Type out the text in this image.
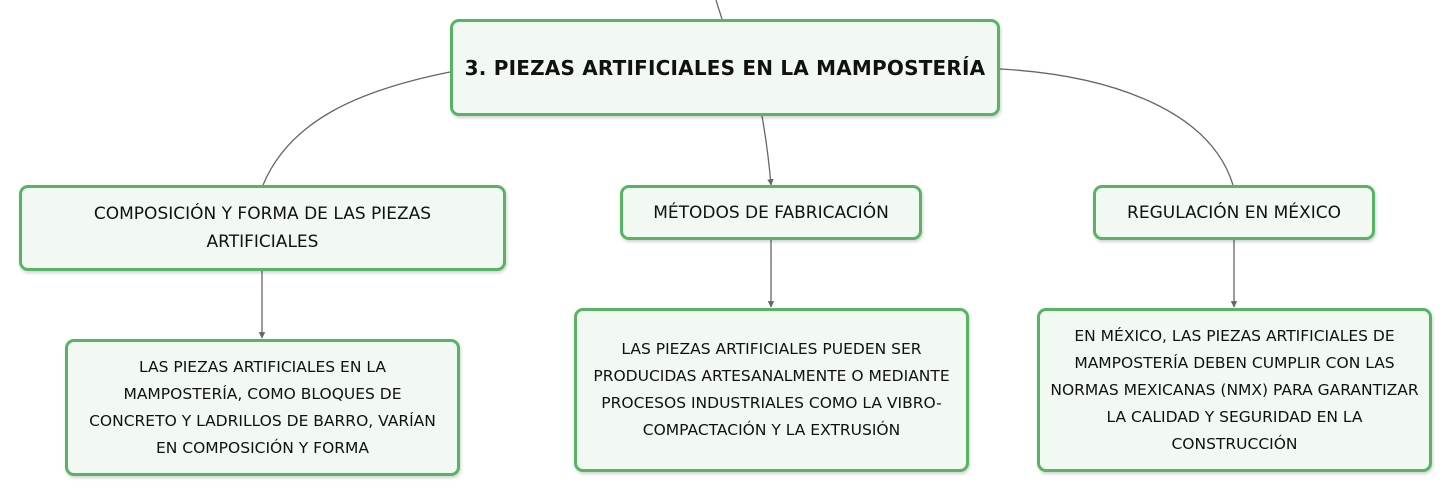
3. PIEZAS ARTIFICIALES EN LA MAMPOSTERÍA
COMPOSICIÓN Y FORMA DE LAS PIEZAS ARTIFICIALES
MÉTODOS DE FABRICACIÓN	REGULACIÓN EN MÉXICO
LAS PIEZAS ARTIFICIALES EN LA MAMPOSTERÍA, COMO BLOQUES DE CONCRETO Y LADRILLOS DE BARRO, VARÍAN EN COMPOSICIÓN Y FORMA
LAS PIEZAS ARTIFICIALES PUEDEN SER PRODUCIDAS ARTESANALMENTE O MEDIANTE PROCESOS INDUSTRIALES COMO LA VIBRO-COMPACTACIÓN Y LA EXTRUSIÓN
EN MÉXICO, LAS PIEZAS ARTIFICIALES DE MAMPOSTERÍA DEBEN CUMPLIR CON LAS NORMAS MEXICANAS (NMX) PARA GARANTIZAR LA CALIDAD Y SEGURIDAD EN LA CONSTRUCCIÓN
